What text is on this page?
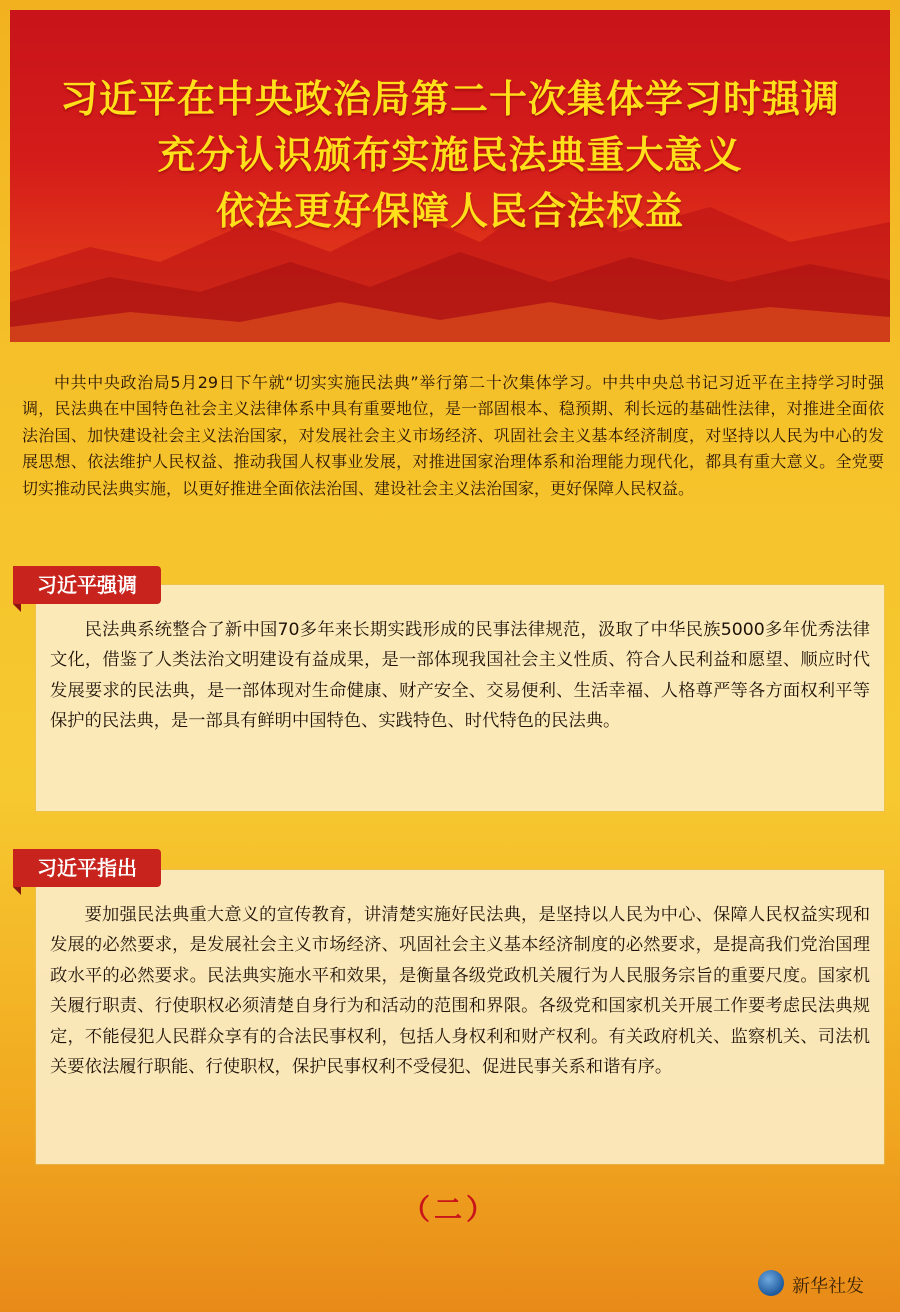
习近平在中央政治局第二十次集体学习时强调
充分认识颁布实施民法典重大意义
依法更好保障人民合法权益
中共中央政治局5月29日下午就“切实实施民法典”举行第二十次集体学习。中共中央总书记习近平在主持学习时强调，民法典在中国特色社会主义法律体系中具有重要地位，是一部固根本、稳预期、利长远的基础性法律，对推进全面依法治国、加快建设社会主义法治国家，对发展社会主义市场经济、巩固社会主义基本经济制度，对坚持以人民为中心的发展思想、依法维护人民权益、推动我国人权事业发展，对推进国家治理体系和治理能力现代化，都具有重大意义。全党要切实推动民法典实施，以更好推进全面依法治国、建设社会主义法治国家，更好保障人民权益。

民法典系统整合了新中国70多年来长期实践形成的民事法律规范，汲取了中华民族5000多年优秀法律文化，借鉴了人类法治文明建设有益成果，是一部体现我国社会主义性质、符合人民利益和愿望、顺应时代发展要求的民法典，是一部体现对生命健康、财产安全、交易便利、生活幸福、人格尊严等各方面权利平等保护的民法典，是一部具有鲜明中国特色、实践特色、时代特色的民法典。

习近平强调

要加强民法典重大意义的宣传教育，讲清楚实施好民法典，是坚持以人民为中心、保障人民权益实现和发展的必然要求，是发展社会主义市场经济、巩固社会主义基本经济制度的必然要求，是提高我们党治国理政水平的必然要求。民法典实施水平和效果，是衡量各级党政机关履行为人民服务宗旨的重要尺度。国家机关履行职责、行使职权必须清楚自身行为和活动的范围和界限。各级党和国家机关开展工作要考虑民法典规定，不能侵犯人民群众享有的合法民事权利，包括人身权利和财产权利。有关政府机关、监察机关、司法机关要依法履行职能、行使职权，保护民事权利不受侵犯、促进民事关系和谐有序。

习近平指出
（二）
新华社发
